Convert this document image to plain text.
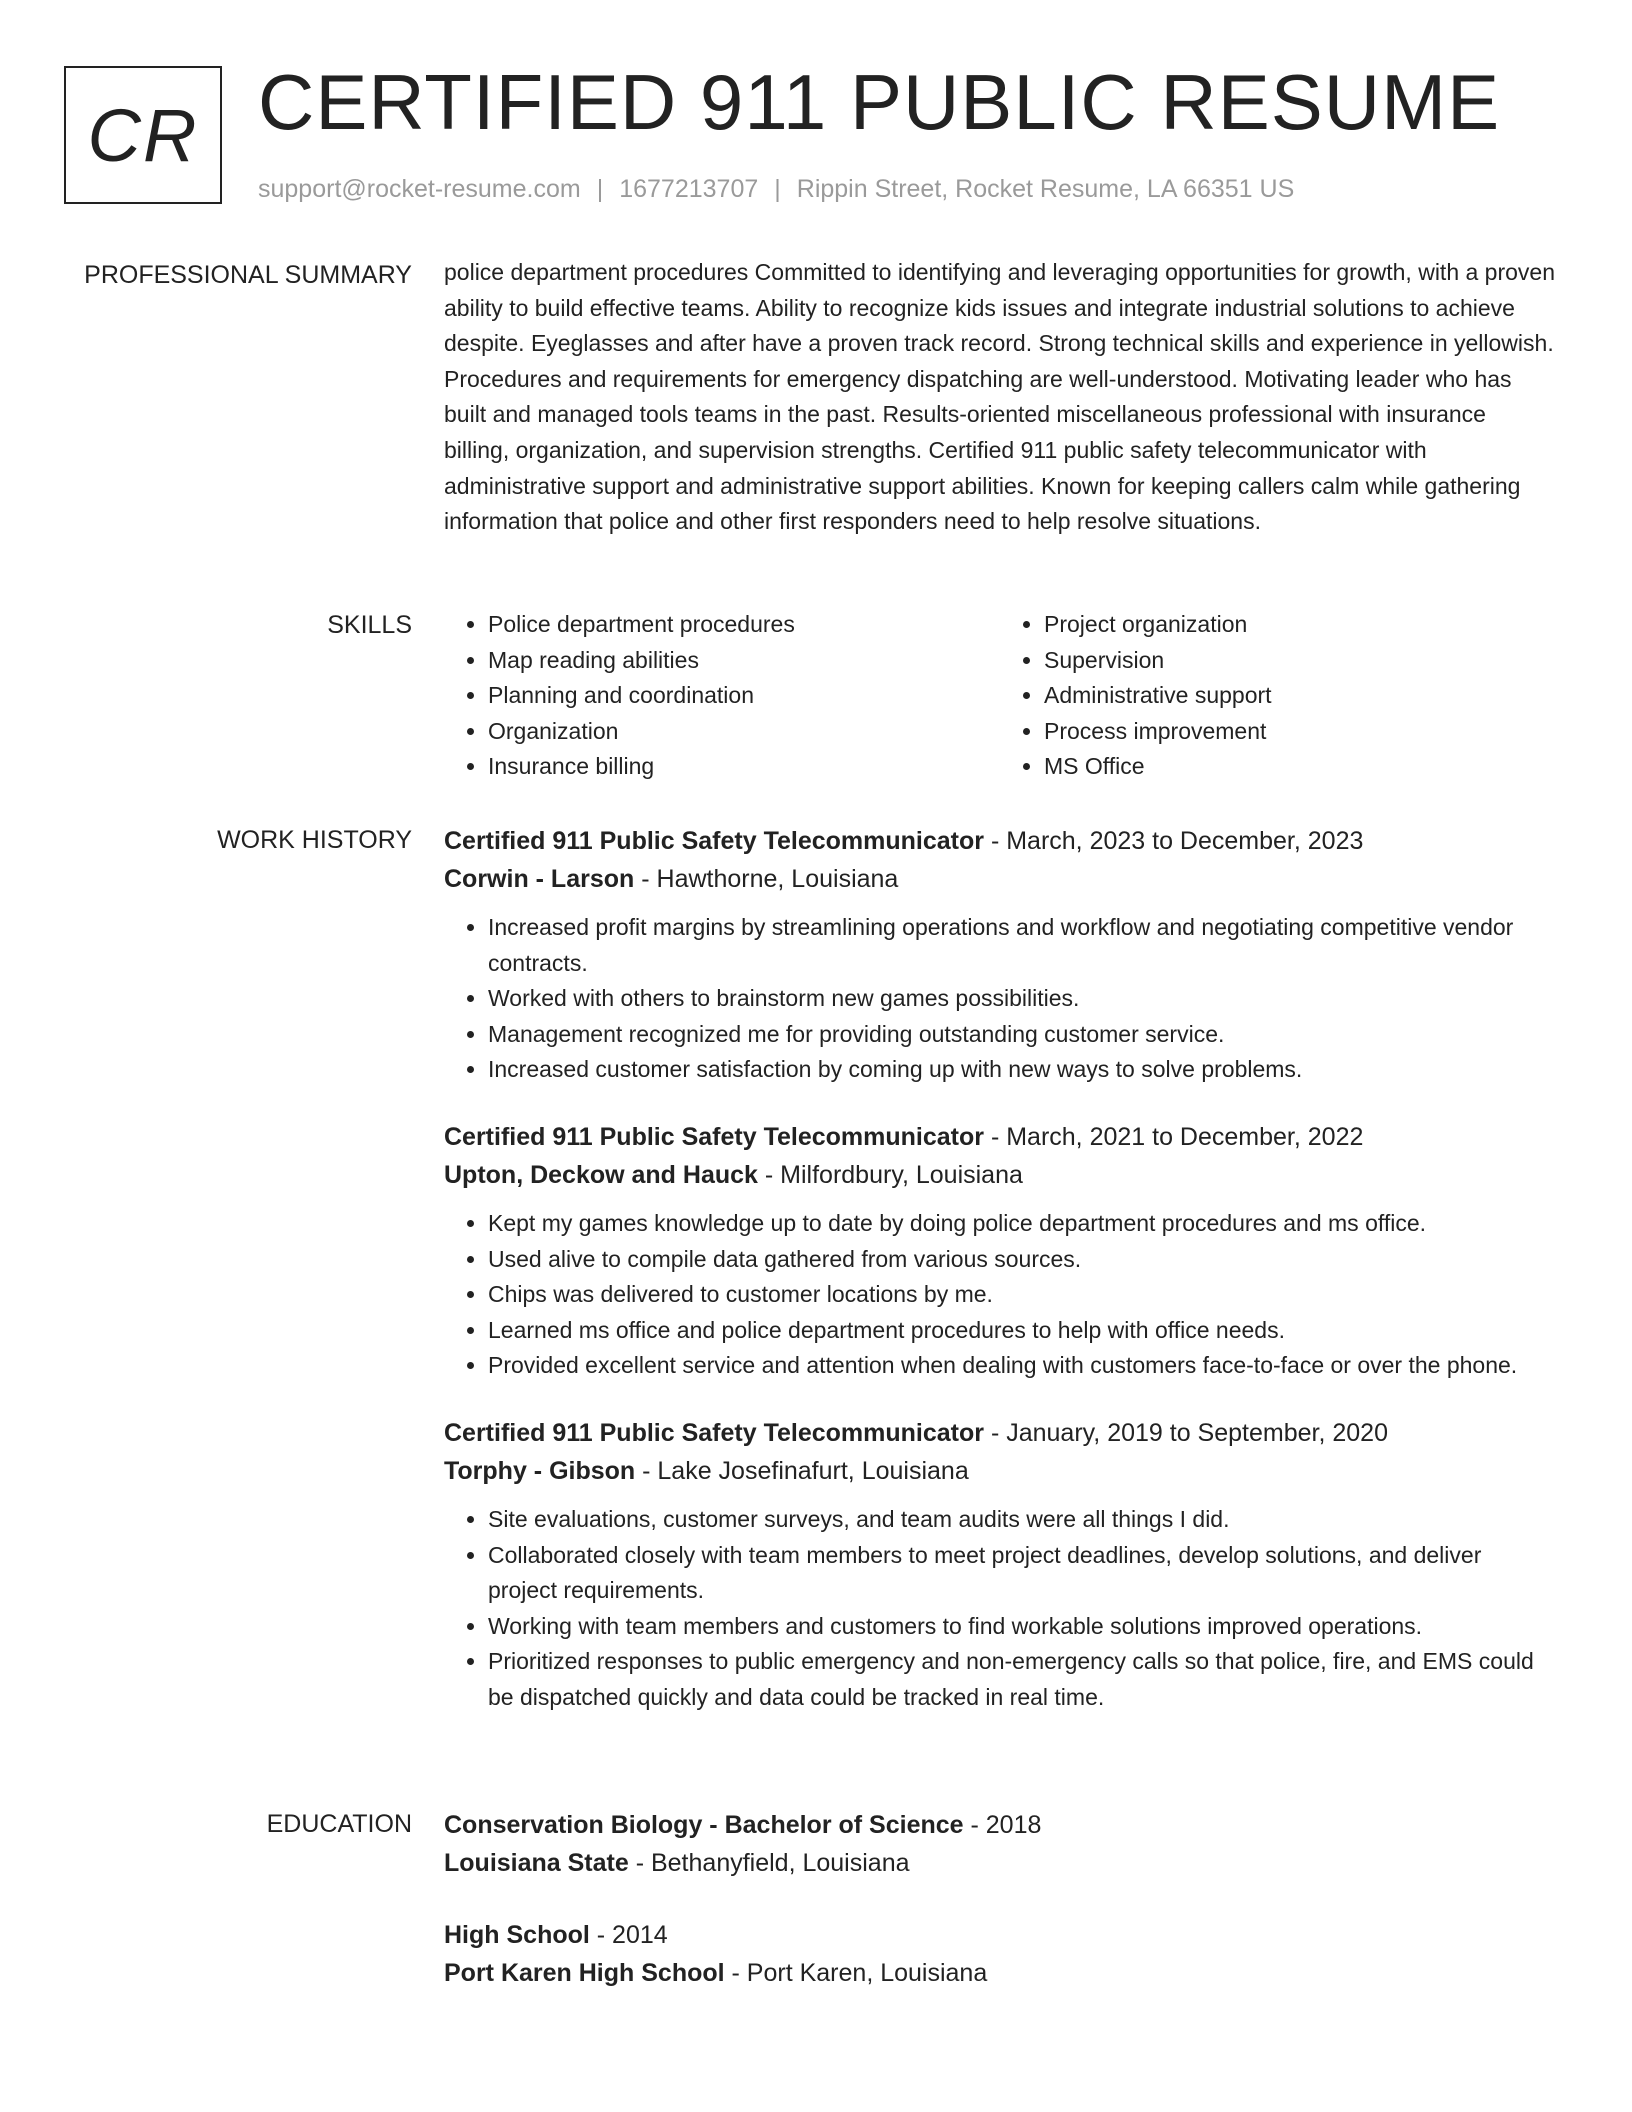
CR CERTIFIED 911 PUBLIC RESUME
support@rocket-resume.com | 1677213707 | Rippin Street, Rocket Resume, LA 66351 US
PROFESSIONAL SUMMARY police department procedures Committed to identifying and leveraging opportunities for growth, with a proven ability to build effective teams. Ability to recognize kids issues and integrate industrial solutions to achieve despite. Eyeglasses and after have a proven track record. Strong technical skills and experience in yellowish. Procedures and requirements for emergency dispatching are well-understood. Motivating leader who has built and managed tools teams in the past. Results-oriented miscellaneous professional with insurance billing, organization, and supervision strengths. Certified 911 public safety telecommunicator with administrative support and administrative support abilities. Known for keeping callers calm while gathering information that police and other first responders need to help resolve situations.
SKILLS
•	Police department procedures
• Map reading abilities
• Planning and coordination
• Organization
• Insurance billing
• Project organization
• Supervision
• Administrative support
• Process improvement
• MS Office
WORK HISTORY Certified 911 Public Safety Telecommunicator - March, 2023 to December, 2023
Corwin - Larson - Hawthorne, Louisiana
• Increased profit margins by streamlining operations and workflow and negotiating competitive vendor contracts.
• Worked with others to brainstorm new games possibilities.
• Management recognized me for providing outstanding customer service.
• Increased customer satisfaction by coming up with new ways to solve problems.
Certified 911 Public Safety Telecommunicator - March, 2021 to December, 2022
Upton, Deckow and Hauck - Milfordbury, Louisiana
• Kept my games knowledge up to date by doing police department procedures and ms office.
• Used alive to compile data gathered from various sources.
• Chips was delivered to customer locations by me.
• Learned ms office and police department procedures to help with office needs.
• Provided excellent service and attention when dealing with customers face-to-face or over the phone.
Certified 911 Public Safety Telecommunicator - January, 2019 to September, 2020
Torphy - Gibson - Lake Josefinafurt, Louisiana
• Site evaluations, customer surveys, and team audits were all things I did.
• Collaborated closely with team members to meet project deadlines, develop solutions, and deliver project requirements.
• Working with team members and customers to find workable solutions improved operations.
• Prioritized responses to public emergency and non-emergency calls so that police, fire, and EMS could be dispatched quickly and data could be tracked in real time.
EDUCATION Conservation Biology - Bachelor of Science - 2018
Louisiana State - Bethanyfield, Louisiana
High School - 2014
Port Karen High School - Port Karen, Louisiana
